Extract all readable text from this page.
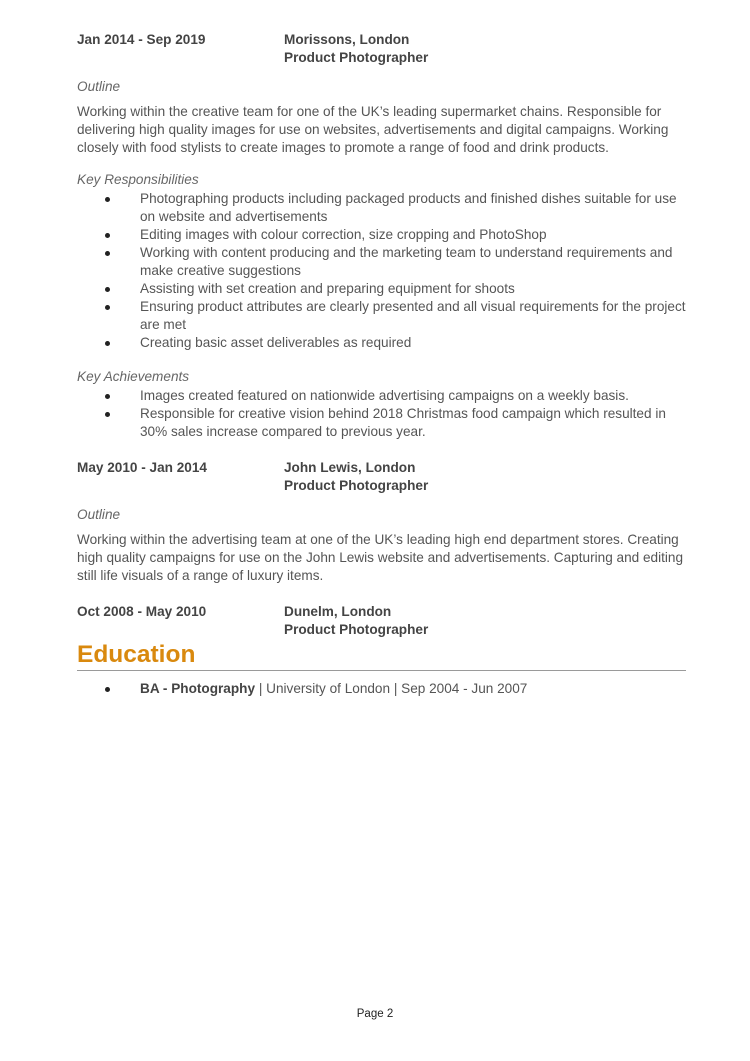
Jan 2014 - Sep 2019	Morissons, London
Product Photographer
Outline
Working within the creative team for one of the UK’s leading supermarket chains. Responsible for delivering high quality images for use on websites, advertisements and digital campaigns. Working closely with food stylists to create images to promote a range of food and drink products.
Key Responsibilities
Photographing products including packaged products and finished dishes suitable for use on website and advertisements
Editing images with colour correction, size cropping and PhotoShop
Working with content producing and the marketing team to understand requirements and make creative suggestions
Assisting with set creation and preparing equipment for shoots
Ensuring product attributes are clearly presented and all visual requirements for the project are met
Creating basic asset deliverables as required
Key Achievements
Images created featured on nationwide advertising campaigns on a weekly basis.
Responsible for creative vision behind 2018 Christmas food campaign which resulted in 30% sales increase compared to previous year.
May 2010 - Jan 2014	John Lewis, London
Product Photographer
Outline
Working within the advertising team at one of the UK’s leading high end department stores. Creating high quality campaigns for use on the John Lewis website and advertisements. Capturing and editing still life visuals of a range of luxury items.
Oct 2008 - May 2010	Dunelm, London
Product Photographer
Education
BA - Photography | University of London | Sep 2004 - Jun 2007
Page 2
